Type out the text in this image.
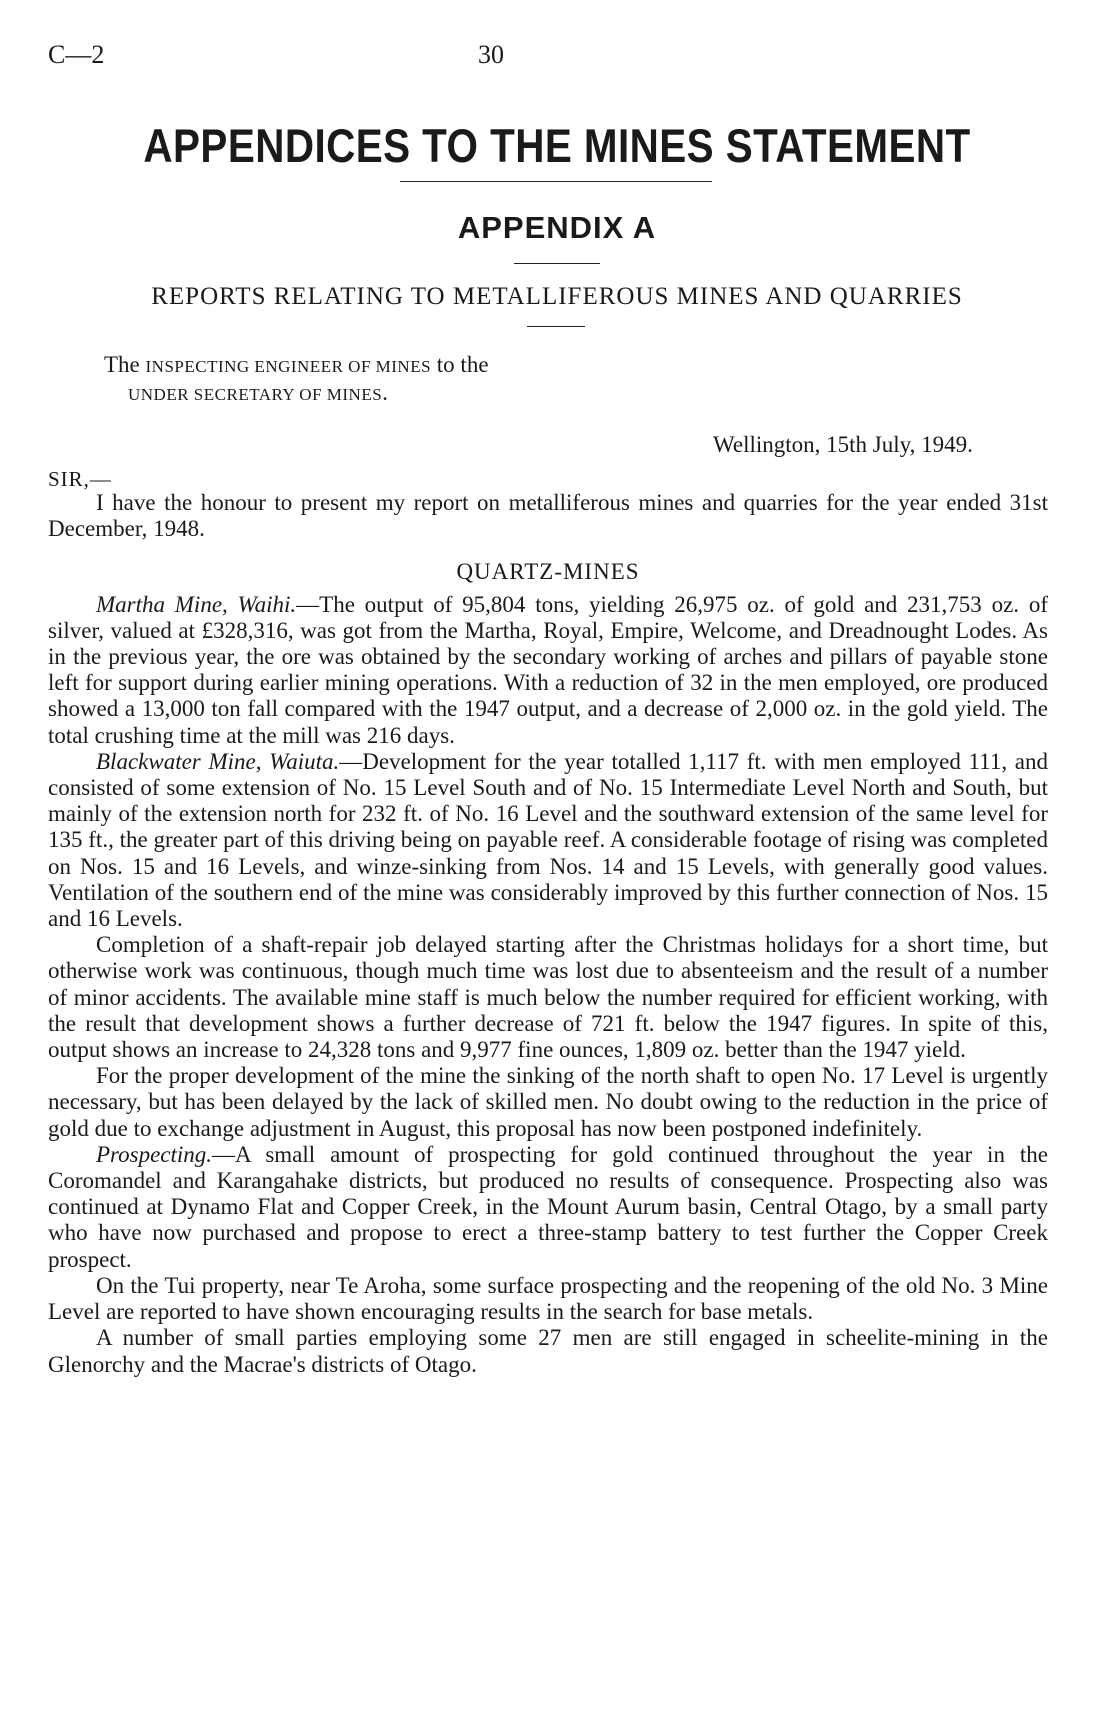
C—2	30
APPENDICES TO THE MINES STATEMENT
APPENDIX A
REPORTS RELATING TO METALLIFEROUS MINES AND QUARRIES
The INSPECTING ENGINEER OF MINES to the
UNDER SECRETARY OF MINES.
Wellington, 15th July, 1949.
SIR,—

I have the honour to present my report on metalliferous mines and quarries for the year ended 31st December, 1948.

QUARTZ-MINES

Martha Mine, Waihi.—The output of 95,804 tons, yielding 26,975 oz. of gold and 231,753 oz. of silver, valued at £328,316, was got from the Martha, Royal, Empire, Welcome, and Dreadnought Lodes. As in the previous year, the ore was obtained by the secondary working of arches and pillars of payable stone left for support during earlier mining operations. With a reduction of 32 in the men employed, ore produced showed a 13,000 ton fall compared with the 1947 output, and a decrease of 2,000 oz. in the gold yield. The total crushing time at the mill was 216 days.

Blackwater Mine, Waiuta.—Development for the year totalled 1,117 ft. with men employed 111, and consisted of some extension of No. 15 Level South and of No. 15 Intermediate Level North and South, but mainly of the extension north for 232 ft. of No. 16 Level and the southward extension of the same level for 135 ft., the greater part of this driving being on payable reef. A considerable footage of rising was completed on Nos. 15 and 16 Levels, and winze-sinking from Nos. 14 and 15 Levels, with generally good values. Ventilation of the southern end of the mine was considerably improved by this further connection of Nos. 15 and 16 Levels.

Completion of a shaft-repair job delayed starting after the Christmas holidays for a short time, but otherwise work was continuous, though much time was lost due to absenteeism and the result of a number of minor accidents. The available mine staff is much below the number required for efficient working, with the result that development shows a further decrease of 721 ft. below the 1947 figures. In spite of this, output shows an increase to 24,328 tons and 9,977 fine ounces, 1,809 oz. better than the 1947 yield.

For the proper development of the mine the sinking of the north shaft to open No. 17 Level is urgently necessary, but has been delayed by the lack of skilled men. No doubt owing to the reduction in the price of gold due to exchange adjustment in August, this proposal has now been postponed indefinitely.

Prospecting.—A small amount of prospecting for gold continued throughout the year in the Coromandel and Karangahake districts, but produced no results of consequence. Prospecting also was continued at Dynamo Flat and Copper Creek, in the Mount Aurum basin, Central Otago, by a small party who have now purchased and propose to erect a three-stamp battery to test further the Copper Creek prospect.

On the Tui property, near Te Aroha, some surface prospecting and the reopening of the old No. 3 Mine Level are reported to have shown encouraging results in the search for base metals.

A number of small parties employing some 27 men are still engaged in scheelite-mining in the Glenorchy and the Macrae's districts of Otago.
